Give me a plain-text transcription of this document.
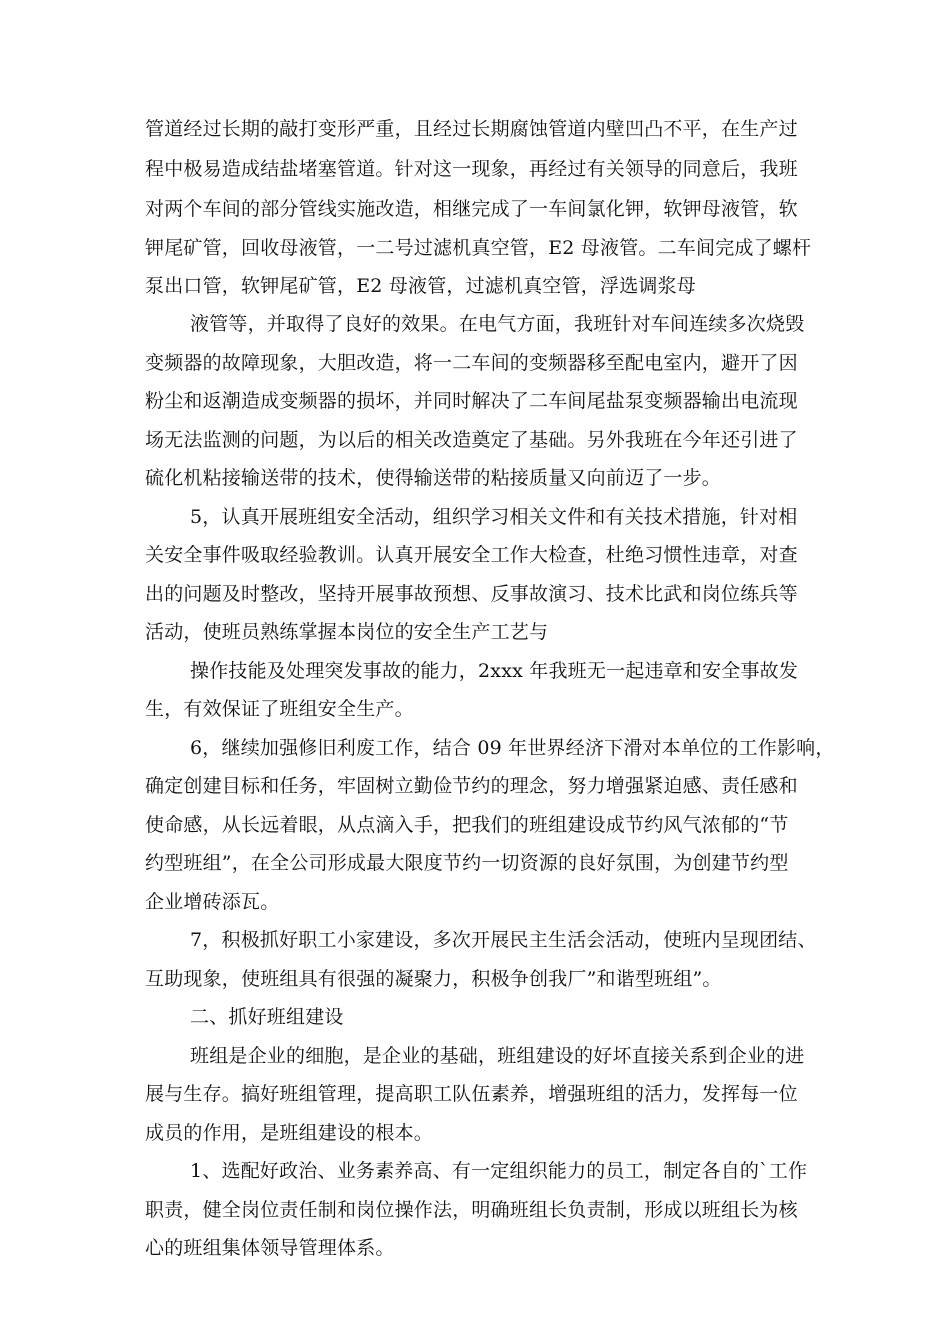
管道经过长期的敲打变形严重，且经过长期腐蚀管道内壁凹凸不平，在生产过
程中极易造成结盐堵塞管道。针对这一现象，再经过有关领导的同意后，我班
对两个车间的部分管线实施改造，相继完成了一车间氯化钾，软钾母液管，软
钾尾矿管，回收母液管，一二号过滤机真空管，E2 母液管。二车间完成了螺杆
泵出口管，软钾尾矿管，E2 母液管，过滤机真空管，浮选调浆母
液管等，并取得了良好的效果。在电气方面，我班针对车间连续多次烧毁
变频器的故障现象，大胆改造，将一二车间的变频器移至配电室内，避开了因
粉尘和返潮造成变频器的损坏，并同时解决了二车间尾盐泵变频器输出电流现
场无法监测的问题，为以后的相关改造奠定了基础。另外我班在今年还引进了
硫化机粘接输送带的技术，使得输送带的粘接质量又向前迈了一步。
5，认真开展班组安全活动，组织学习相关文件和有关技术措施，针对相
关安全事件吸取经验教训。认真开展安全工作大检查，杜绝习惯性违章，对查
出的问题及时整改，坚持开展事故预想、反事故演习、技术比武和岗位练兵等
活动，使班员熟练掌握本岗位的安全生产工艺与
操作技能及处理突发事故的能力，2xxx 年我班无一起违章和安全事故发
生，有效保证了班组安全生产。
6，继续加强修旧利废工作，结合 09 年世界经济下滑对本单位的工作影响，
确定创建目标和任务，牢固树立勤俭节约的理念，努力增强紧迫感、责任感和
使命感，从长远着眼，从点滴入手，把我们的班组建设成节约风气浓郁的“节
约型班组”，在全公司形成最大限度节约一切资源的良好氛围，为创建节约型
企业增砖添瓦。
7，积极抓好职工小家建设，多次开展民主生活会活动，使班内呈现团结、
互助现象，使班组具有很强的凝聚力，积极争创我厂”和谐型班组”。
二、抓好班组建设
班组是企业的细胞，是企业的基础，班组建设的好坏直接关系到企业的进
展与生存。搞好班组管理，提高职工队伍素养，增强班组的活力，发挥每一位
成员的作用，是班组建设的根本。
1、选配好政治、业务素养高、有一定组织能力的员工，制定各自的`工作
职责，健全岗位责任制和岗位操作法，明确班组长负责制，形成以班组长为核
心的班组集体领导管理体系。
